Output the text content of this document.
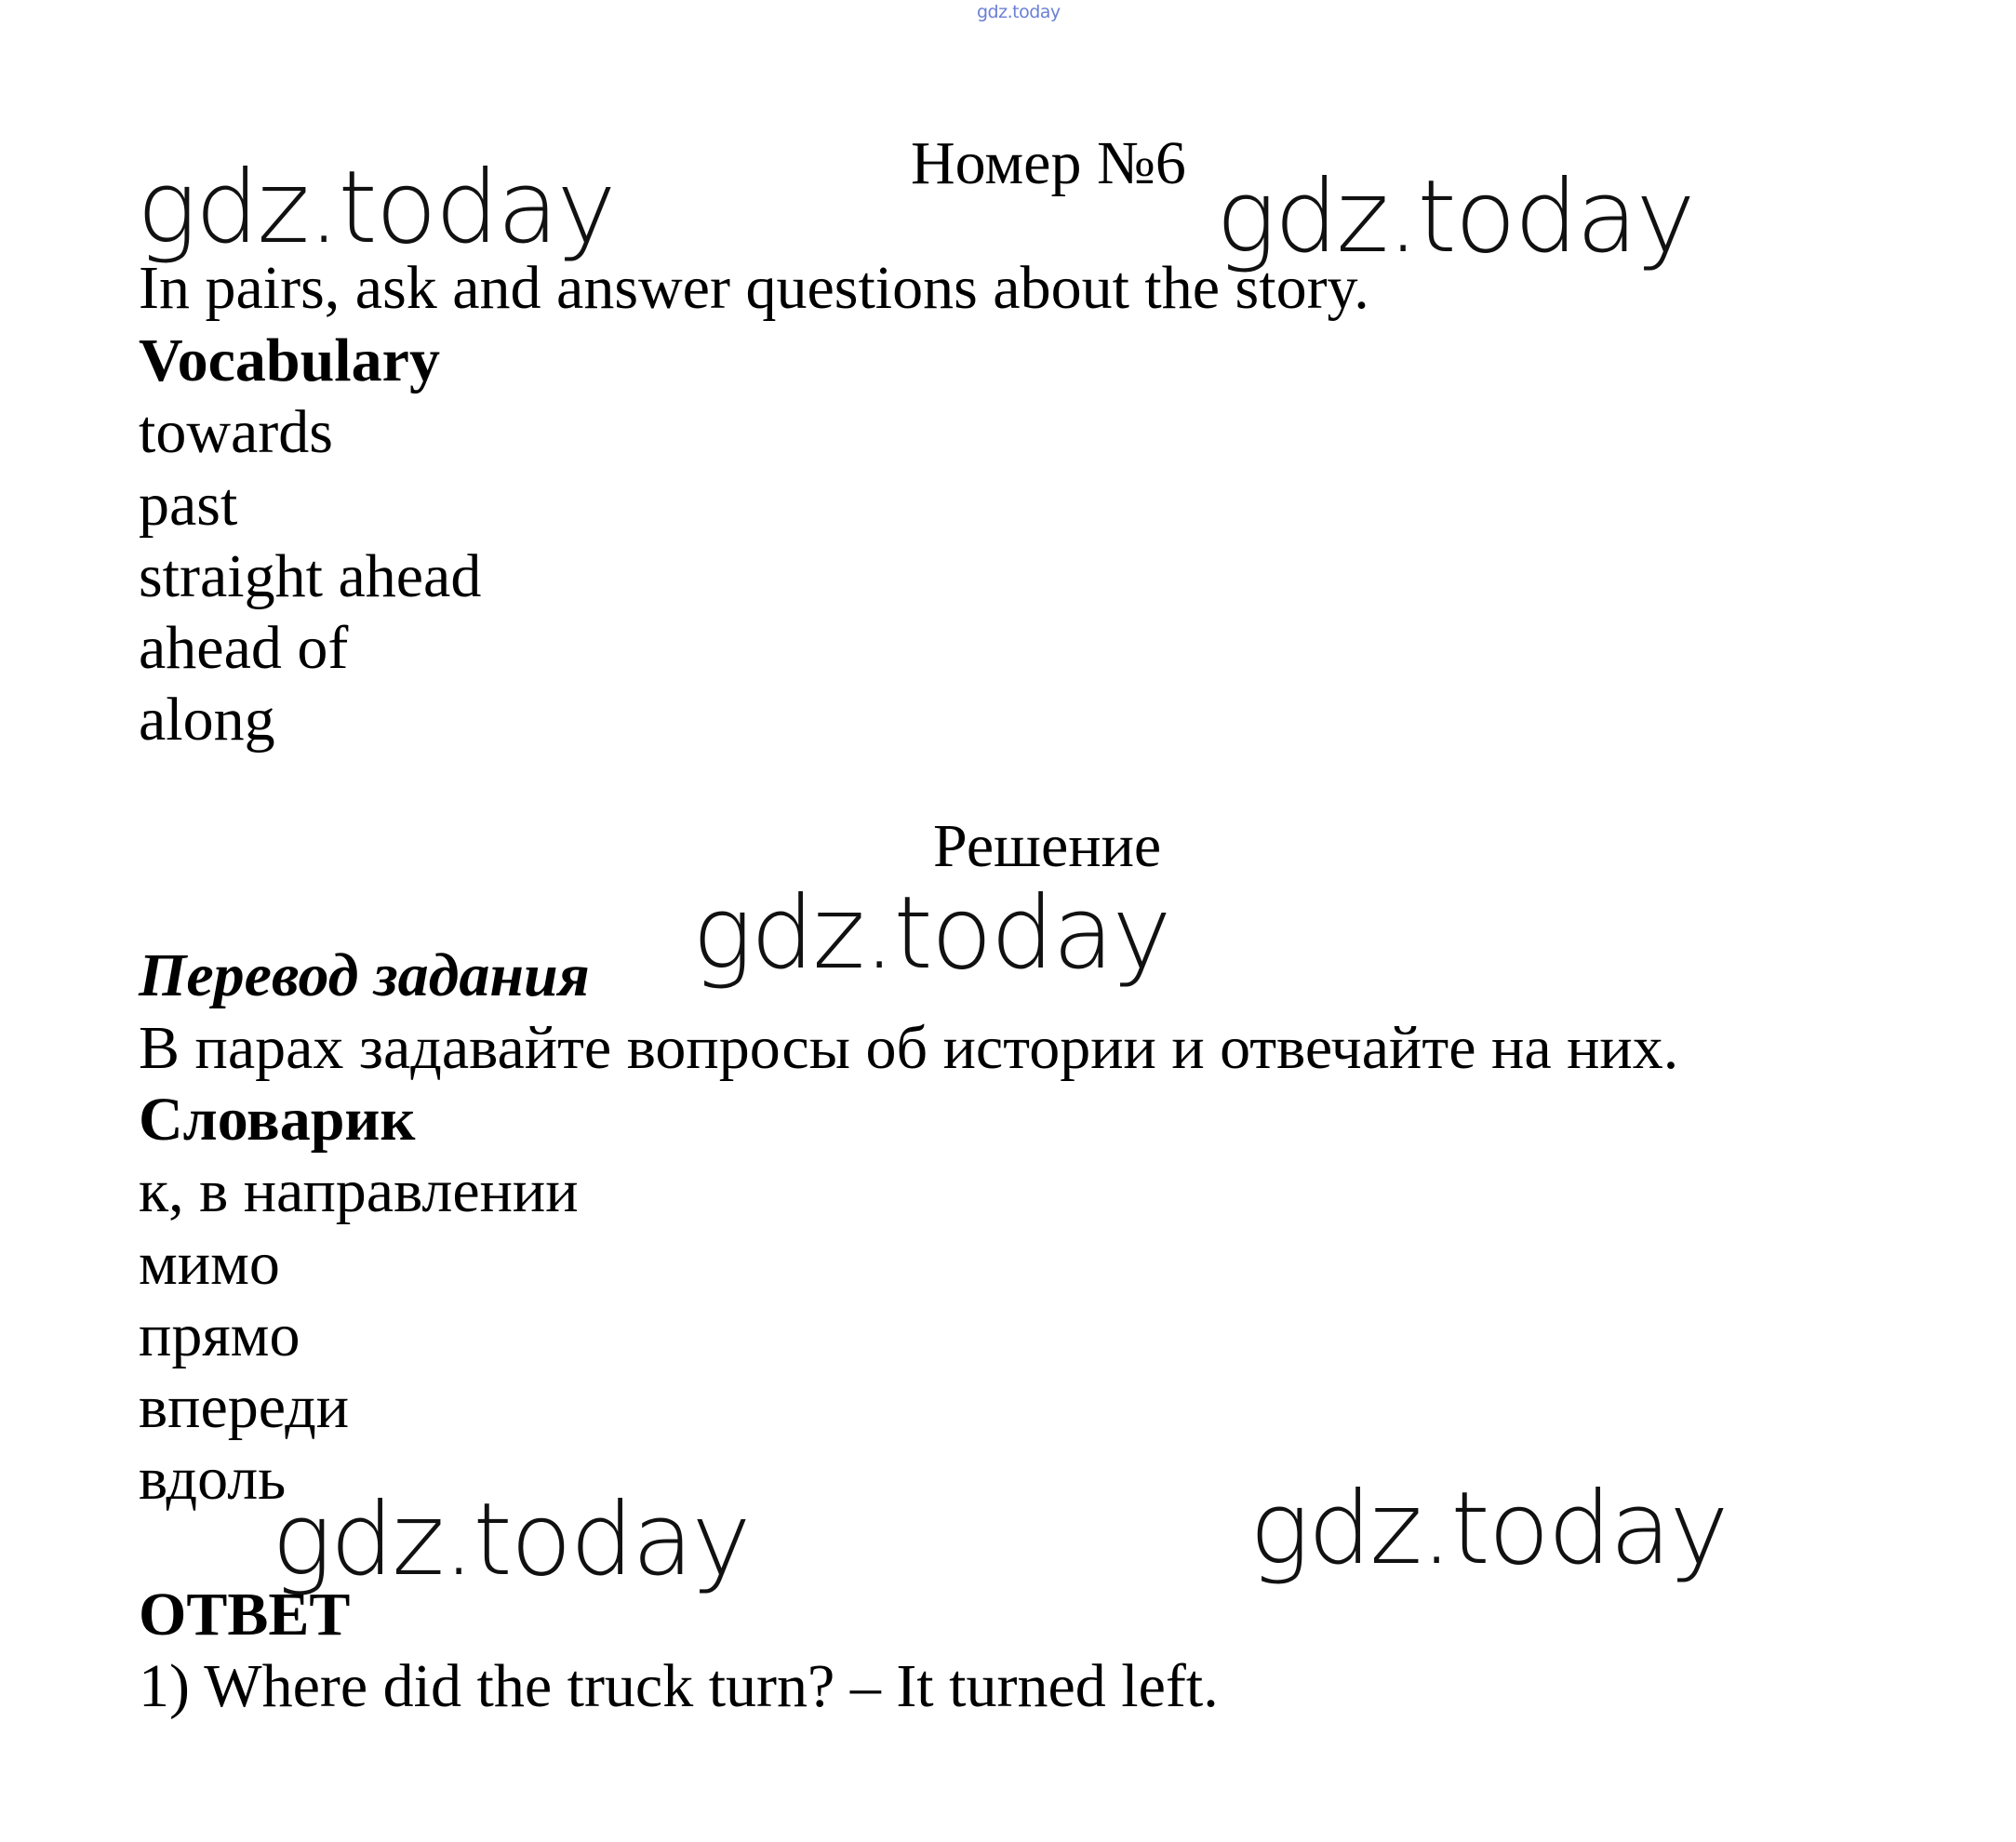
gdz.today
gdz.today	gdz.today
gdz.today
gdz.today	gdz.today
Номер №6
In pairs, ask and answer questions about the story.
Vocabulary
towards
past
straight ahead
ahead of
along
Решение
Перевод задания
В парах задавайте вопросы об истории и отвечайте на них.
Словарик
к, в направлении
мимо
прямо
впереди
вдоль
ОТВЕТ
1) Where did the truck turn? – It turned left.
